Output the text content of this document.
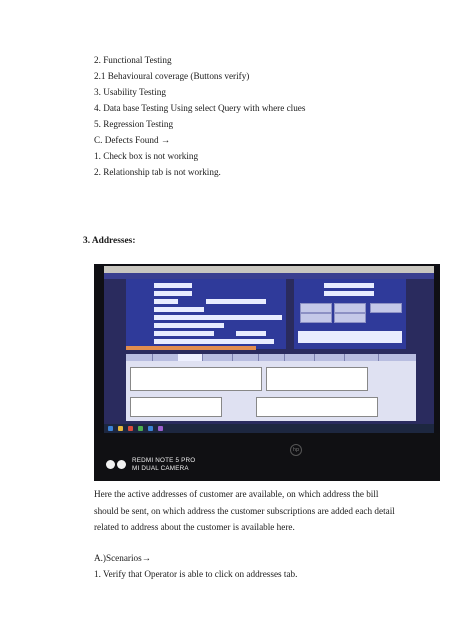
2. Functional Testing
2.1 Behavioural coverage (Buttons verify)
3. Usability Testing
4. Data base Testing Using select Query with where clues
5. Regression Testing
C. Defects Found →
1. Check box is not working
2. Relationship tab is not working.
3. Addresses:
hp
REDMI NOTE 5 PRO
MI DUAL CAMERA
Here the active addresses of customer are available, on which address the bill
should be sent, on which address the customer subscriptions are added each detail
related to address about the customer is available here.
A.)Scenarios→
1. Verify that Operator is able to click on addresses tab.
